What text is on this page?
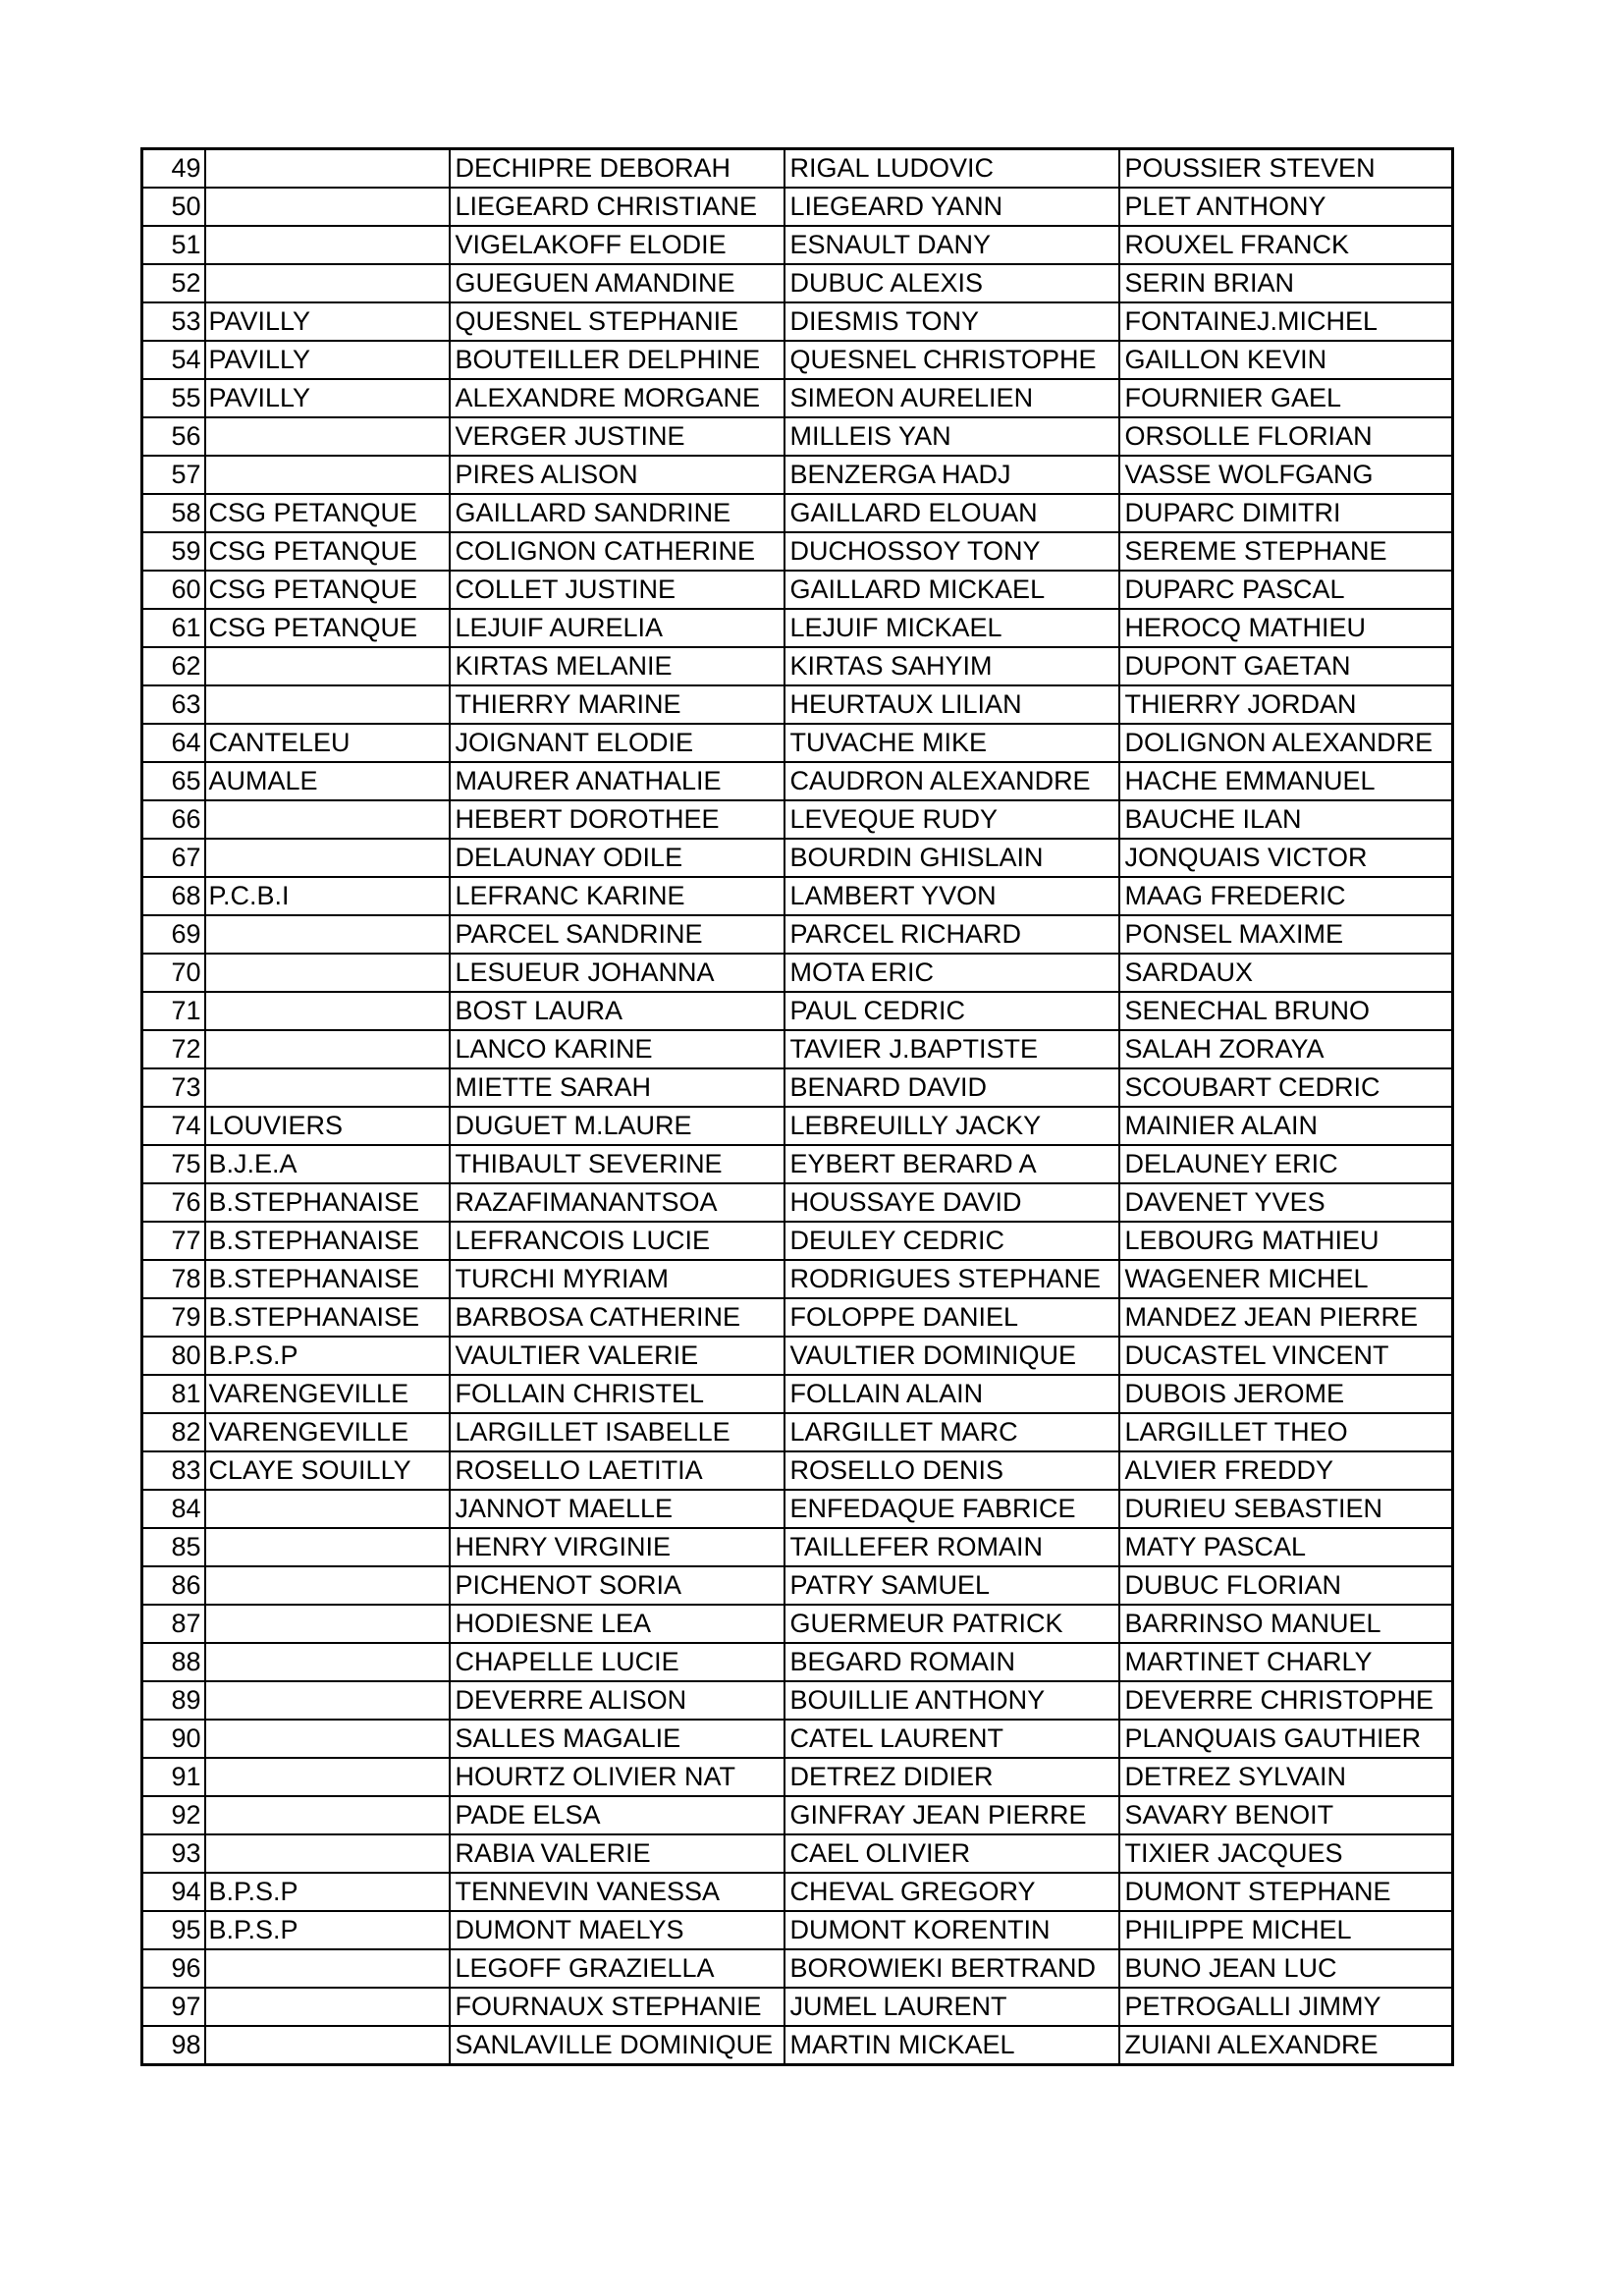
49		DECHIPRE DEBORAH	RIGAL LUDOVIC	POUSSIER STEVEN
50		LIEGEARD CHRISTIANE	LIEGEARD YANN	PLET ANTHONY
51		VIGELAKOFF ELODIE	ESNAULT DANY	ROUXEL FRANCK
52		GUEGUEN AMANDINE	DUBUC ALEXIS	SERIN BRIAN
53	PAVILLY	QUESNEL STEPHANIE	DIESMIS TONY	FONTAINEJ.MICHEL
54	PAVILLY	BOUTEILLER DELPHINE	QUESNEL CHRISTOPHE	GAILLON KEVIN
55	PAVILLY	ALEXANDRE MORGANE	SIMEON AURELIEN	FOURNIER GAEL
56		VERGER JUSTINE	MILLEIS YAN	ORSOLLE FLORIAN
57		PIRES ALISON	BENZERGA HADJ	VASSE WOLFGANG
58	CSG PETANQUE	GAILLARD SANDRINE	GAILLARD ELOUAN	DUPARC DIMITRI
59	CSG PETANQUE	COLIGNON CATHERINE	DUCHOSSOY TONY	SEREME STEPHANE
60	CSG PETANQUE	COLLET JUSTINE	GAILLARD MICKAEL	DUPARC PASCAL
61	CSG PETANQUE	LEJUIF AURELIA	LEJUIF MICKAEL	HEROCQ MATHIEU
62		KIRTAS MELANIE	KIRTAS SAHYIM	DUPONT GAETAN
63		THIERRY MARINE	HEURTAUX LILIAN	THIERRY JORDAN
64	CANTELEU	JOIGNANT ELODIE	TUVACHE MIKE	DOLIGNON ALEXANDRE
65	AUMALE	MAURER ANATHALIE	CAUDRON ALEXANDRE	HACHE EMMANUEL
66		HEBERT DOROTHEE	LEVEQUE RUDY	BAUCHE ILAN
67		DELAUNAY ODILE	BOURDIN GHISLAIN	JONQUAIS VICTOR
68	P.C.B.I	LEFRANC KARINE	LAMBERT YVON	MAAG FREDERIC
69		PARCEL SANDRINE	PARCEL RICHARD	PONSEL MAXIME
70		LESUEUR JOHANNA	MOTA ERIC	SARDAUX
71		BOST LAURA	PAUL CEDRIC	SENECHAL BRUNO
72		LANCO KARINE	TAVIER J.BAPTISTE	SALAH ZORAYA
73		MIETTE SARAH	BENARD DAVID	SCOUBART CEDRIC
74	LOUVIERS	DUGUET M.LAURE	LEBREUILLY JACKY	MAINIER ALAIN
75	B.J.E.A	THIBAULT SEVERINE	EYBERT BERARD A	DELAUNEY ERIC
76	B.STEPHANAISE	RAZAFIMANANTSOA	HOUSSAYE DAVID	DAVENET YVES
77	B.STEPHANAISE	LEFRANCOIS LUCIE	DEULEY CEDRIC	LEBOURG MATHIEU
78	B.STEPHANAISE	TURCHI MYRIAM	RODRIGUES STEPHANE	WAGENER MICHEL
79	B.STEPHANAISE	BARBOSA CATHERINE	FOLOPPE DANIEL	MANDEZ JEAN PIERRE
80	B.P.S.P	VAULTIER VALERIE	VAULTIER DOMINIQUE	DUCASTEL VINCENT
81	VARENGEVILLE	FOLLAIN CHRISTEL	FOLLAIN ALAIN	DUBOIS JEROME
82	VARENGEVILLE	LARGILLET ISABELLE	LARGILLET MARC	LARGILLET THEO
83	CLAYE SOUILLY	ROSELLO LAETITIA	ROSELLO DENIS	ALVIER FREDDY
84		JANNOT MAELLE	ENFEDAQUE FABRICE	DURIEU SEBASTIEN
85		HENRY VIRGINIE	TAILLEFER ROMAIN	MATY PASCAL
86		PICHENOT SORIA	PATRY SAMUEL	DUBUC FLORIAN
87		HODIESNE LEA	GUERMEUR PATRICK	BARRINSO MANUEL
88		CHAPELLE LUCIE	BEGARD ROMAIN	MARTINET CHARLY
89		DEVERRE ALISON	BOUILLIE ANTHONY	DEVERRE CHRISTOPHE
90		SALLES MAGALIE	CATEL LAURENT	PLANQUAIS GAUTHIER
91		HOURTZ OLIVIER NAT	DETREZ DIDIER	DETREZ SYLVAIN
92		PADE ELSA	GINFRAY JEAN PIERRE	SAVARY BENOIT
93		RABIA VALERIE	CAEL OLIVIER	TIXIER JACQUES
94	B.P.S.P	TENNEVIN VANESSA	CHEVAL GREGORY	DUMONT STEPHANE
95	B.P.S.P	DUMONT MAELYS	DUMONT KORENTIN	PHILIPPE MICHEL
96		LEGOFF GRAZIELLA	BOROWIEKI BERTRAND	BUNO JEAN LUC
97		FOURNAUX STEPHANIE	JUMEL LAURENT	PETROGALLI JIMMY
98		SANLAVILLE DOMINIQUE	MARTIN MICKAEL	ZUIANI ALEXANDRE
